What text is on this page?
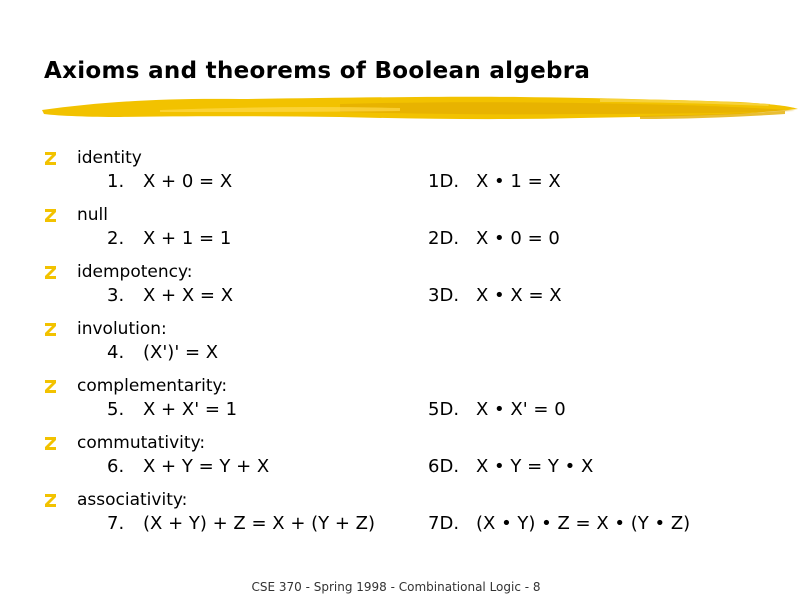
Axioms and theorems of Boolean algebra
identity
1. X + 0 = X	1D. X • 1 = X
null
2. X + 1 = 1	2D. X • 0 = 0
idempotency:
3. X + X = X	3D. X • X = X
involution:
4. (X')' = X
complementarity:
5. X + X' = 1	5D. X • X' = 0
commutativity:
6. X + Y = Y + X	6D. X • Y = Y • X
associativity:
7. (X + Y) + Z = X + (Y + Z)	7D. (X • Y) • Z = X • (Y • Z)
CSE 370 - Spring 1998 - Combinational Logic - 8
